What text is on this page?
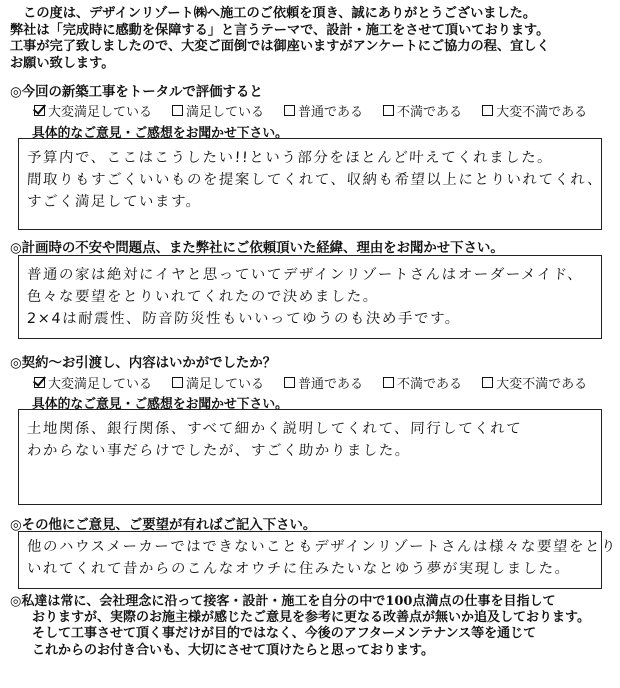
　この度は、デザインリゾート㈱へ施工のご依頼を頂き、誠にありがとうございました。
弊社は「完成時に感動を保障する」と言うテーマで、設計・施工をさせて頂いております。
工事が完了致しましたので、大変ご面倒では御座いますがアンケートにご協力の程、宜しく
お願い致します。
◎今回の新築工事をトータルで評価すると
大変満足している	満足している	普通である	不満である	大変不満である
具体的なご意見・ご感想をお聞かせ下さい。
予算内で、ここはこうしたい!!という部分をほとんど叶えてくれました。
間取りもすごくいいものを提案してくれて、収納も希望以上にとりいれてくれ、
すごく満足しています。
◎計画時の不安や問題点、また弊社にご依頼頂いた経緯、理由をお聞かせ下さい。
普通の家は絶対にイヤと思っていてデザインリゾートさんはオーダーメイド、
色々な要望をとりいれてくれたので決めました。
2×4は耐震性、防音防災性もいいってゆうのも決め手です。
◎契約～お引渡し、内容はいかがでしたか？
大変満足している	満足している	普通である	不満である	大変不満である
具体的なご意見・ご感想をお聞かせ下さい。
土地関係、銀行関係、すべて細かく説明してくれて、同行してくれて
わからない事だらけでしたが、すごく助かりました。
◎その他にご意見、ご要望が有ればご記入下さい。
他のハウスメーカーではできないこともデザインリゾートさんは様々な要望をとり
いれてくれて昔からのこんなオウチに住みたいなとゆう夢が実現しました。
◎私達は常に、会社理念に沿って接客・設計・施工を自分の中で100点満点の仕事を目指して
おりますが、実際のお施主様が感じたご意見を参考に更なる改善点が無いか追及しております。
そして工事させて頂く事だけが目的ではなく、今後のアフターメンテナンス等を通じて
これからのお付き合いも、大切にさせて頂けたらと思っております。
